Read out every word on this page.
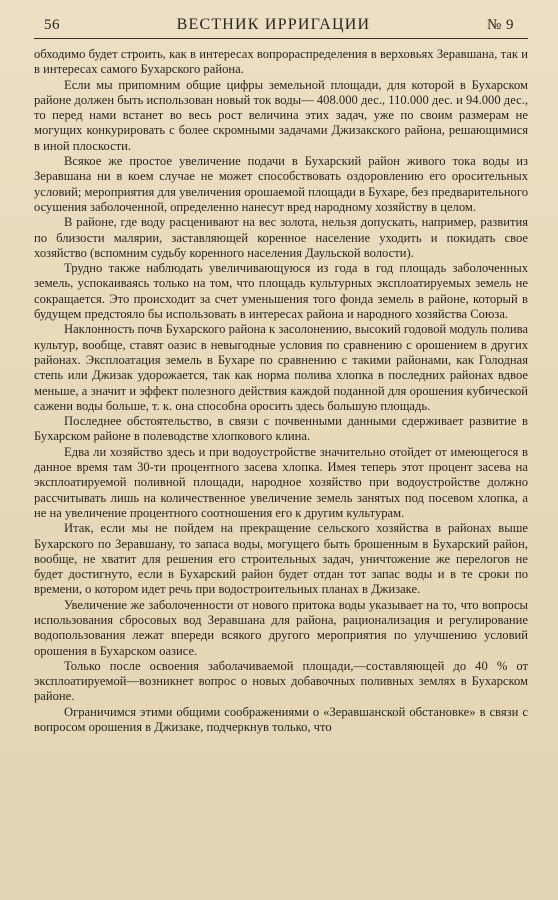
56	ВЕСТНИК ИРРИГАЦИИ	№ 9

обходимо будет строить, как в интересах вопрораспределения в верховьях Зеравшана, так и в интересах самого Бухарского района.

Если мы припомним общие цифры земельной площади, для которой в Бухарском районе должен быть использован новый ток воды— 408.000 дес., 110.000 дес. и 94.000 дес., то перед нами встанет во весь рост величина этих задач, уже по своим размерам не могущих конкурировать с более скромными задачами Джизакского района, решающимися в иной плоскости.

Всякое же простое увеличение подачи в Бухарский район живого тока воды из Зеравшана ни в коем случае не может способствовать оздоровлению его оросительных условий; мероприятия для увеличения орошаемой площади в Бухаре, без предварительного осушения заболоченной, определенно нанесут вред народному хозяйству в целом.

В районе, где воду расценивают на вес золота, нельзя допускать, например, развития по близости малярии, заставляющей коренное население уходить и покидать свое хозяйство (вспомним судьбу коренного населения Даульской волости).

Трудно также наблюдать увеличивающуюся из года в год площадь заболоченных земель, успокаиваясь только на том, что площадь культурных эксплоатируемых земель не сокращается. Это происходит за счет уменьшения того фонда земель в районе, который в будущем предстояло бы использовать в интересах района и народного хозяйства Союза.

Наклонность почв Бухарского района к засолонению, высокий годовой модуль полива культур, вообще, ставят оазис в невыгодные условия по сравнению с орошением в других районах. Эксплоатация земель в Бухаре по сравнению с такими районами, как Голодная степь или Джизак удорожается, так как норма полива хлопка в последних районах вдвое меньше, а значит и эффект полезного действия каждой поданной для орошения кубической сажени воды больше, т. к. она способна оросить здесь большую площадь.

Последнее обстоятельство, в связи с почвенными данными сдерживает развитие в Бухарском районе в полеводстве хлопкового клина.

Едва ли хозяйство здесь и при водоустройстве значительно отойдет от имеющегося в данное время там 30-ти процентного засева хлопка. Имея теперь этот процент засева на эксплоатируемой поливной площади, народное хозяйство при водоустройстве должно рассчитывать лишь на количественное увеличение земель занятых под посевом хлопка, а не на увеличение процентного соотношения его к другим культурам.

Итак, если мы не пойдем на прекращение сельского хозяйства в районах выше Бухарского по Зеравшану, то запаса воды, могущего быть брошенным в Бухарский район, вообще, не хватит для решения его строительных задач, уничтожение же перелогов не будет достигнуто, если в Бухарский район будет отдан тот запас воды и в те сроки по времени, о котором идет речь при водостроительных планах в Джизаке.

Увеличение же заболоченности от нового притока воды указывает на то, что вопросы использования сбросовых вод Зеравшана для района, рационализация и регулирование водопользования лежат впереди всякого другого мероприятия по улучшению условий орошения в Бухарском оазисе.

Только после освоения заболачиваемой площади,—составляющей до 40 % от эксплоатируемой—возникнет вопрос о новых добавочных поливных землях в Бухарском районе.

Ограничимся этими общими соображениями о «Зеравшанской обстановке» в связи с вопросом орошения в Джизаке, подчеркнув только, что
